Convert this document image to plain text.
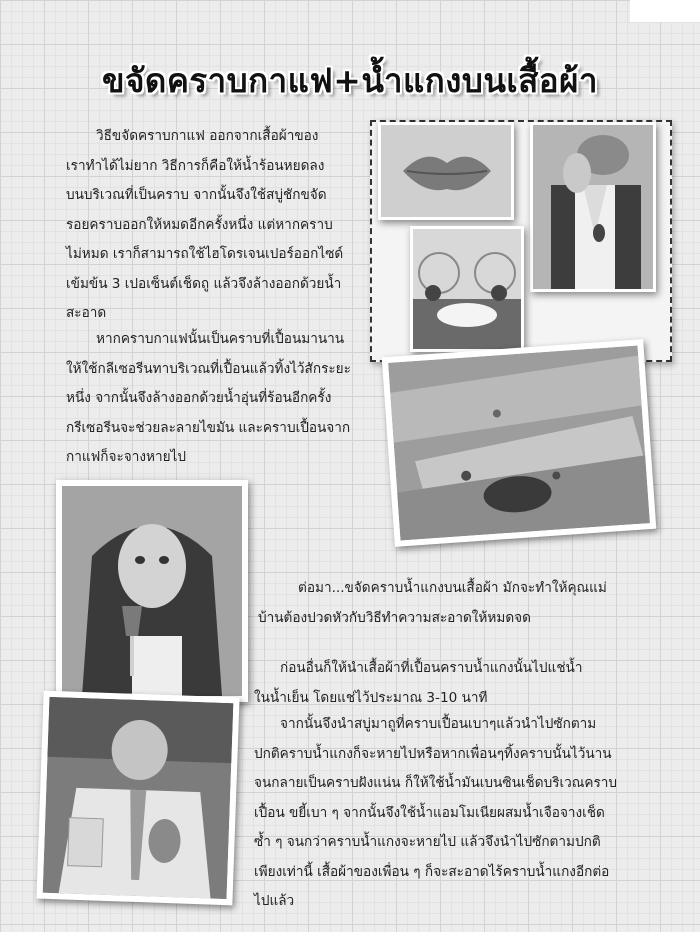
ขจัดคราบกาแฟ+น้ำแกงบนเสื้อผ้า
วิธีขจัดคราบกาแฟ ออกจากเสื้อผ้าของ
เราทำได้ไม่ยาก วิธีการก็คือให้น้ำร้อนหยดลง
บนบริเวณที่เป็นคราบ จากนั้นจึงใช้สบู่ชักขจัด
รอยคราบออกให้หมดอีกครั้งหนึ่ง แต่หากคราบ
ไม่หมด เราก็สามารถใช้ไฮโดรเจนเปอร์ออกไซด์
เข้มข้น 3 เปอเซ็นต์เช็ดถู แล้วจึงล้างออกด้วยน้ำ
สะอาด
หากคราบกาแฟนั้นเป็นคราบที่เปื้อนมานาน
ให้ใช้กลีเซอรีนทาบริเวณที่เปื้อนแล้วทิ้งไว้สักระยะ
หนึ่ง จากนั้นจึงล้างออกด้วยน้ำอุ่นที่ร้อนอีกครั้ง
กรีเซอรีนจะช่วยละลายไขมัน และคราบเปื้อนจาก
กาแฟก็จะจางหายไป
ต่อมา...ขจัดคราบน้ำแกงบนเสื้อผ้า มักจะทำให้คุณแม่
บ้านต้องปวดหัวกับวิธีทำความสะอาดให้หมดจด
ก่อนอื่นก็ให้นำเสื้อผ้าที่เปื้อนคราบน้ำแกงนั้นไปแช่น้ำ
ในน้ำเย็น โดยแช่ไว้ประมาณ 3-10 นาที
จากนั้นจึงนำสบู่มาถูที่คราบเปื้อนเบาๆแล้วนำไปซักตาม
ปกติคราบน้ำแกงก็จะหายไปหรือหากเพื่อนๆทิ้งคราบนั้นไว้นาน
จนกลายเป็นคราบฝังแน่น ก็ให้ใช้น้ำมันเบนซินเช็ดบริเวณคราบ
เปื้อน ขยี้เบา ๆ จากนั้นจึงใช้น้ำแอมโมเนียผสมน้ำเจือจางเช็ด
ซ้ำ ๆ จนกว่าคราบน้ำแกงจะหายไป แล้วจึงนำไปซักตามปกติ
เพียงเท่านี้ เสื้อผ้าของเพื่อน ๆ ก็จะสะอาดไร้คราบน้ำแกงอีกต่อ
ไปแล้ว
